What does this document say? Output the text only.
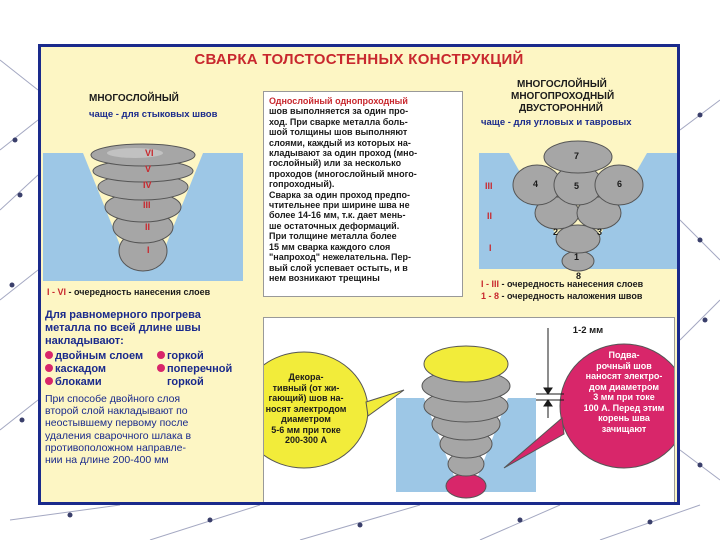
СВАРКА ТОЛСТОСТЕННЫХ КОНСТРУКЦИЙ
МНОГОСЛОЙНЫЙ
чаще - для стыковых швов
VI
V
IV
III
II
I
I - VI - очередность нанесения слоев
Однослойный однопроходный
шов выполняется за один про-
ход. При сварке металла боль-
шой толщины шов выполняют
слоями, каждый из которых на-
кладывают за один проход (мно-
гослойный) или за несколько
проходов (многослойный много-
гопроходный).
Сварка за один проход предпо-
чтительнее при ширине шва не
более 14-16 мм, т.к. дает мень-
ше остаточных деформаций.
При толщине металла более
15 мм сварка каждого слоя
"напроход" нежелательна. Пер-
вый слой успевает остыть, и в
нем возникают трещины
МНОГОСЛОЙНЫЙ
МНОГОПРОХОДНЫЙ
ДВУСТОРОННИЙ
чаще - для угловых и тавровых
1
2	3
4	5	6
7
8
III
II
I
I - III - очередность нанесения слоев
1 - 8 - очередность наложения швов
Для равномерного прогрева
металла по всей длине швы
накладывают:
двойным слоем
каскадом
блоками
горкой
поперечной
горкой
При способе двойного слоя
второй слой накладывают по
неостывшему первому после
удаления сварочного шлака в
противоположном направле-
нии на длине 200-400 мм
Декора-
тивный (от жи-
гающий) шов на-
носят электродом
диаметром
5-6 мм при токе
200-300 А
1-2 мм
Подва-
рочный шов
наносят электро-
дом диаметром
3 мм при токе
100 А. Перед этим
корень шва
зачищают
